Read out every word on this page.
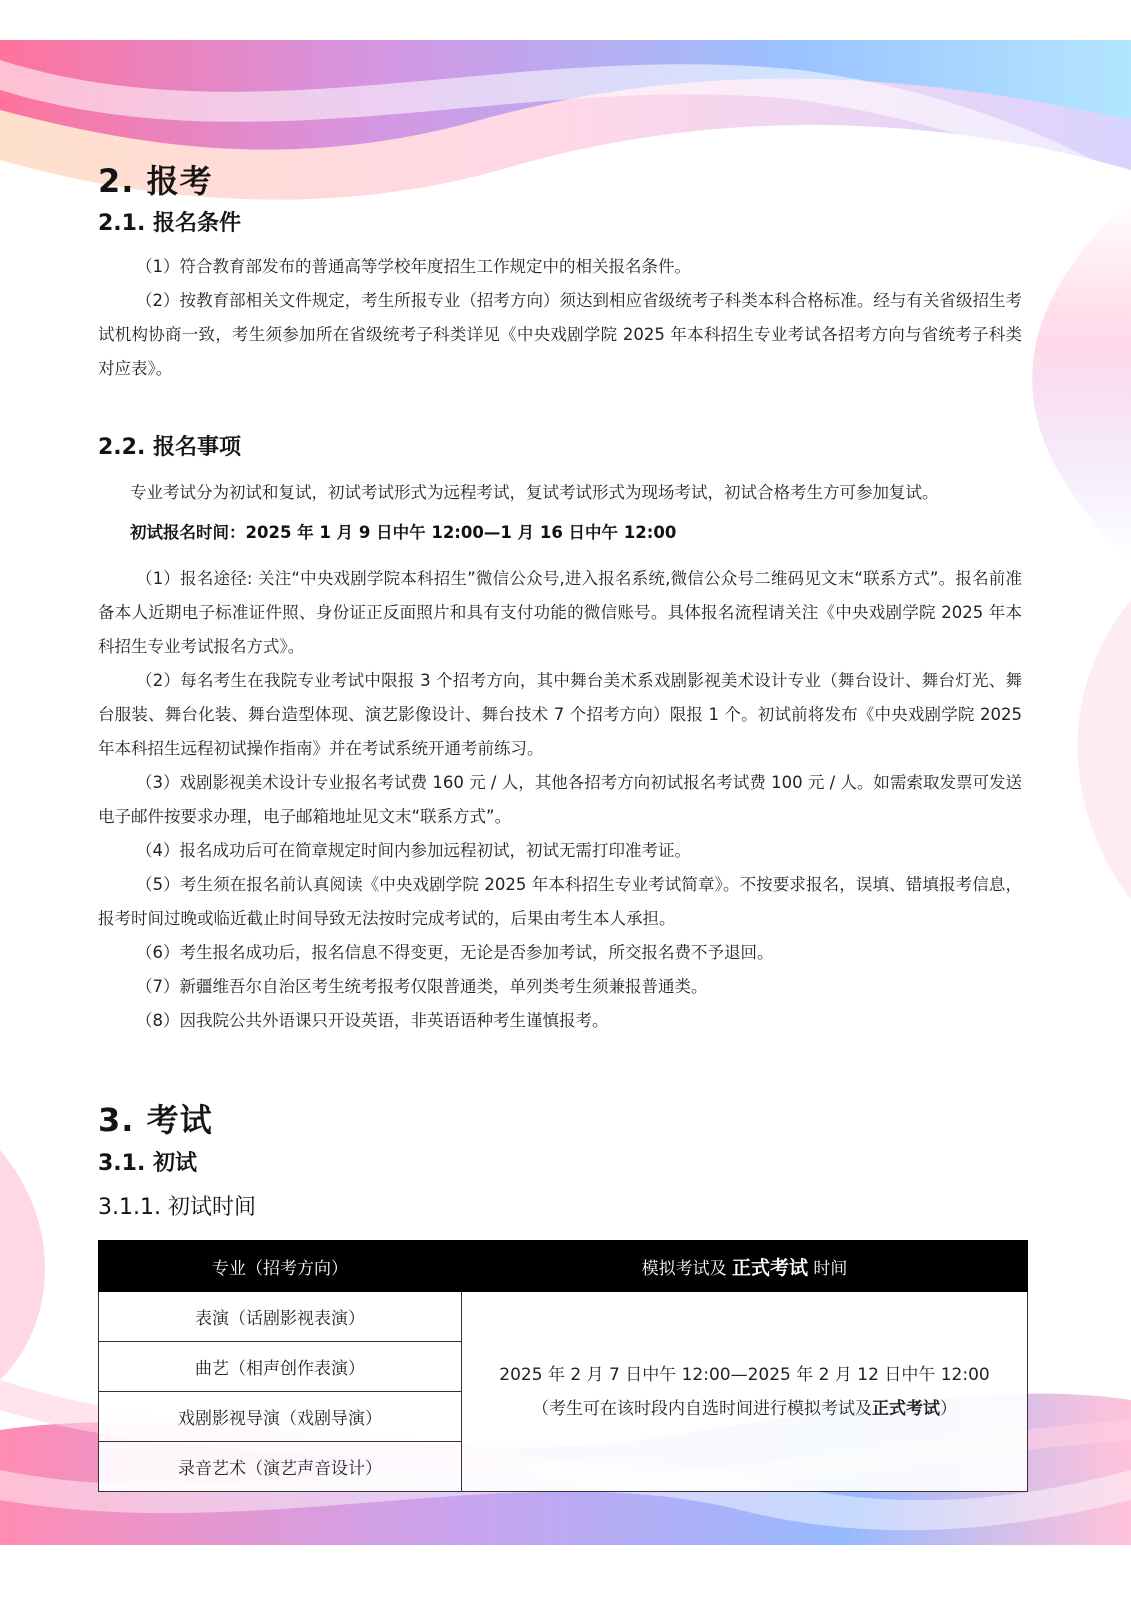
2. 报考
2.1. 报名条件

（1）符合教育部发布的普通高等学校年度招生工作规定中的相关报名条件。

（2）按教育部相关文件规定，考生所报专业（招考方向）须达到相应省级统考子科类本科合格标准。经与有关省级招生考试机构协商一致，考生须参加所在省级统考子科类详见《中央戏剧学院 2025 年本科招生专业考试各招考方向与省统考子科类对应表》。

2.2. 报名事项

专业考试分为初试和复试，初试考试形式为远程考试，复试考试形式为现场考试，初试合格考生方可参加复试。

初试报名时间：2025 年 1 月 9 日中午 12:00—1 月 16 日中午 12:00

（1）报名途径: 关注“中央戏剧学院本科招生”微信公众号,进入报名系统,微信公众号二维码见文末“联系方式”。报名前准备本人近期电子标准证件照、身份证正反面照片和具有支付功能的微信账号。具体报名流程请关注《中央戏剧学院 2025 年本科招生专业考试报名方式》。

（2）每名考生在我院专业考试中限报 3 个招考方向，其中舞台美术系戏剧影视美术设计专业（舞台设计、舞台灯光、舞台服装、舞台化装、舞台造型体现、演艺影像设计、舞台技术 7 个招考方向）限报 1 个。初试前将发布《中央戏剧学院 2025 年本科招生远程初试操作指南》并在考试系统开通考前练习。

（3）戏剧影视美术设计专业报名考试费 160 元 / 人，其他各招考方向初试报名考试费 100 元 / 人。如需索取发票可发送电子邮件按要求办理，电子邮箱地址见文末“联系方式”。

（4）报名成功后可在简章规定时间内参加远程初试，初试无需打印准考证。

（5）考生须在报名前认真阅读《中央戏剧学院 2025 年本科招生专业考试简章》。不按要求报名，误填、错填报考信息，报考时间过晚或临近截止时间导致无法按时完成考试的，后果由考生本人承担。

（6）考生报名成功后，报名信息不得变更，无论是否参加考试，所交报名费不予退回。

（7）新疆维吾尔自治区考生统考报考仅限普通类，单列类考生须兼报普通类。

（8）因我院公共外语课只开设英语，非英语语种考生谨慎报考。

3. 考试
3.1. 初试
3.1.1. 初试时间
专业（招考方向）	模拟考试及 正式考试 时间
表演（话剧影视表演）	2025 年 2 月 7 日中午 12:00—2025 年 2 月 12 日中午 12:00
（考生可在该时段内自选时间进行模拟考试及正式考试）

曲艺（相声创作表演）	
戏剧影视导演（戏剧导演）	
录音艺术（演艺声音设计）	
